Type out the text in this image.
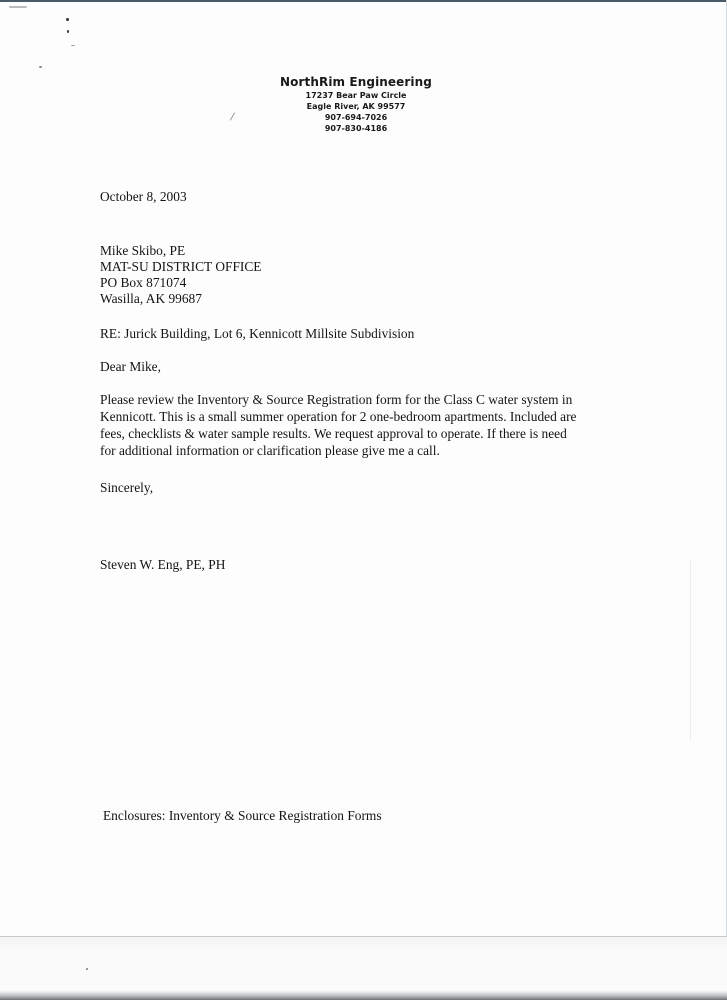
NorthRim Engineering
17237 Bear Paw Circle
Eagle River, AK 99577
907-694-7026
907-830-4186
October 8, 2003
Mike Skibo, PE
MAT-SU DISTRICT OFFICE
PO Box 871074
Wasilla, AK 99687
RE: Jurick Building, Lot 6, Kennicott Millsite Subdivision
Dear Mike,
Please review the Inventory & Source Registration form for the Class C water system in
Kennicott. This is a small summer operation for 2 one-bedroom apartments. Included are
fees, checklists & water sample results. We request approval to operate. If there is need
for additional information or clarification please give me a call.
Sincerely,
Steven W. Eng, PE, PH
Enclosures: Inventory & Source Registration Forms
